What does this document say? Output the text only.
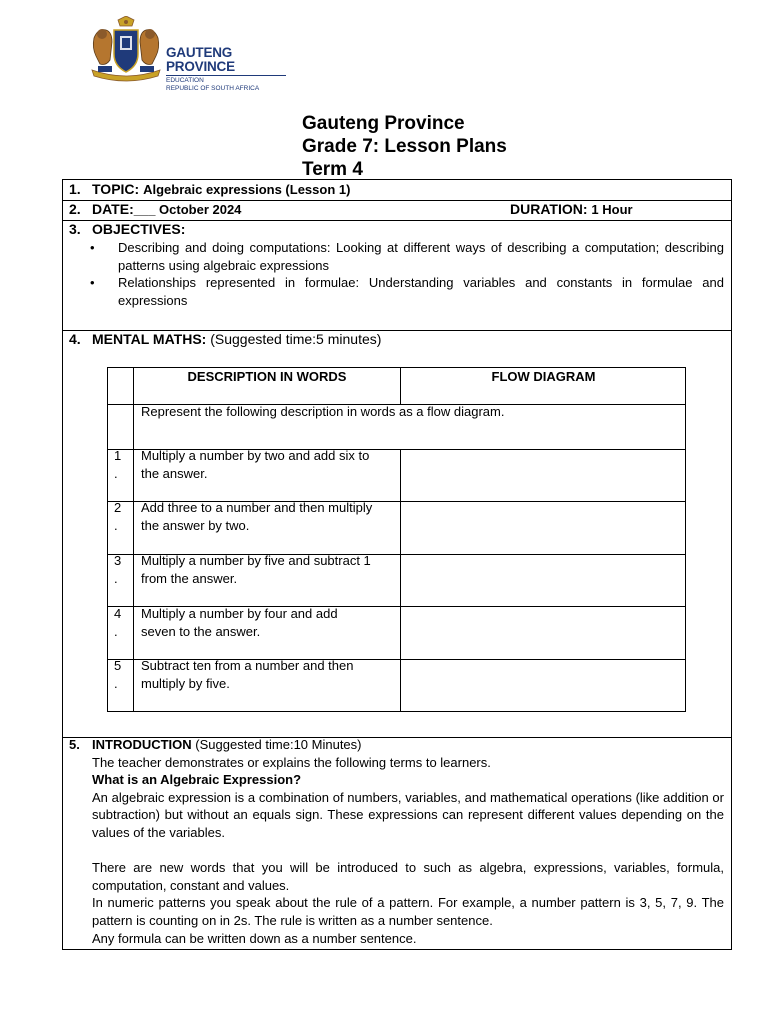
GAUTENG PROVINCE
EDUCATION
REPUBLIC OF SOUTH AFRICA
Gauteng Province
Grade 7: Lesson Plans
Term 4
1. TOPIC: Algebraic expressions (Lesson 1)
2. DATE:___ October 2024	DURATION: 1 Hour
3. OBJECTIVES:
• Describing and doing computations: Looking at different ways of describing a computation; describing patterns using algebraic expressions
• Relationships represented in formulae: Understanding variables and constants in formulae and expressions
4. MENTAL MATHS: (Suggested time:5 minutes)
DESCRIPTION IN WORDS	FLOW DIAGRAM
Represent the following description in words as a flow diagram.
1
.
Multiply a number by two and add six to
the answer.
2
.
Add three to a number and then multiply
the answer by two.
3
.
Multiply a number by five and subtract 1
from the answer.
4
.
Multiply a number by four and add
seven to the answer.
5
.
Subtract ten from a number and then
multiply by five.
5. INTRODUCTION (Suggested time:10 Minutes)

The teacher demonstrates or explains the following terms to learners.

What is an Algebraic Expression?

An algebraic expression is a combination of numbers, variables, and mathematical operations (like addition or subtraction) but without an equals sign. These expressions can represent different values depending on the values of the variables.

There are new words that you will be introduced to such as algebra, expressions, variables, formula, computation, constant and values.

In numeric patterns you speak about the rule of a pattern. For example, a number pattern is 3, 5, 7, 9. The pattern is counting on in 2s. The rule is written as a number sentence.

Any formula can be written down as a number sentence.
